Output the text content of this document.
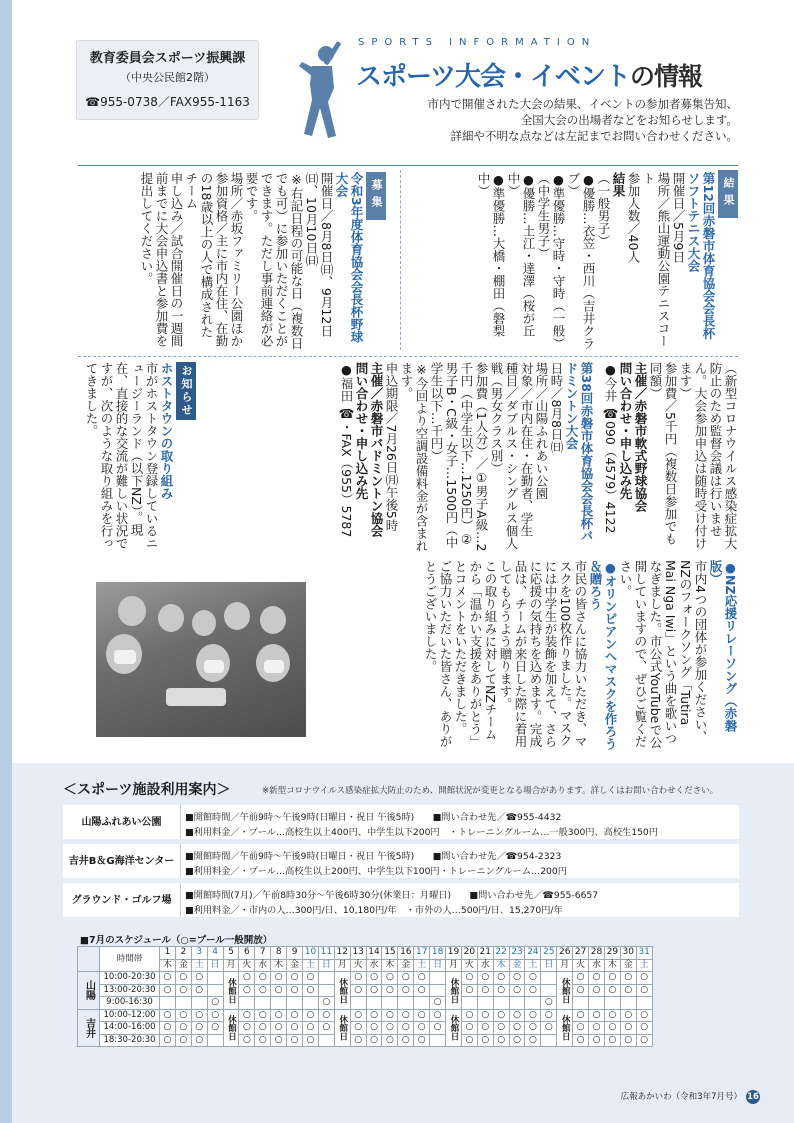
教育委員会スポーツ振興課
（中央公民館2階）
☎955-0738／FAX955-1163
SPORTS INFORMATION
スポーツ大会・イベントの情報
市内で開催された大会の結果、イベントの参加者募集告知、
全国大会の出場者などをお知らせします。
詳細や不明な点などは左記までお問い合わせください。
結果
第12回赤磐市体育協会会長杯ソフトテニス大会
開催日／5月9日
場所／熊山運動公園テニスコート
参加人数／40人
結果
（一般男子）
●優勝…衣笠・西川（吉井クラブ）
●準優勝…守時・守時（一般）
（中学生男子）
●優勝…土江・達澤（桜が丘中）
●準優勝…大橋・棚田（磐梨中）
募集
令和3年度体育協会会長杯野球大会
開催日／8月8日㈰、9月12日㈰、10月10日㈰
※右記日程の可能な日（複数日でも可）に参加いただくことができます。ただし事前連絡が必要です。
場所／赤坂ファミリー公園ほか
参加資格／主に市内在住、在勤の18歳以上の人で構成されたチーム
申し込み／試合開催日の一週間前までに大会申込書と参加費を提出してください。
（新型コロナウイルス感染症拡大防止のため監督会議は行いません。大会参加申込は随時受け付けます）
参加費／5千円（複数日参加でも同額）
主催／赤磐市軟式野球協会
問い合わせ・申し込み先
●今井 ☎090（4579）4122
第38回赤磐市体育協会会長杯バドミントン大会
日時／8月8日㈰
場所／山陽ふれあい公園
対象／市内在住・在勤者、学生
種目／ダブルス・シングルス個人戦（男女クラス別）
参加費（1人分）／①男子A級…2千円（中学生以下…1250円）②男子B・C級・女子…1500円（中学生以下…千円）
※今回より空調設備料金が含まれます。
申込期限／7月26日㈪午後5時
主催／赤磐市バドミントン協会
問い合わせ・申し込み先
●福田 ☎・FAX（955）5787
お知らせ
ホストタウンの取り組み
市がホストタウン登録しているニュージーランド（以下NZ）。現在、直接的な交流が難しい状況ですが、次のような取り組みを行ってきました。
●NZ応援リレーソング（赤磐版）
市内4つの団体が参加ください、NZのフォークソング「Tutira Mai Nga Iwi」という曲を歌いつなぎました。市公式YouTubeで公開していますので、ぜひご覧ください。
●オリンピアンへマスクを作ろう＆贈ろう
市民の皆さんに協力いただき、マスクを100枚作りました。マスクには中学生が装飾を加えて、さらに応援の気持ちを込めます。完成品は、チームが来日した際に着用してもらうよう贈ります。
この取り組みに対してNZチームから「温かい支援をありがとう」とコメントをいただきました。
ご協力いただいた皆さん、ありがとうございました。
＜スポーツ施設利用案内＞	※新型コロナウイルス感染症拡大防止のため、開館状況が変更となる場合があります。詳しくはお問い合わせください。
山陽ふれあい公園	■開館時間／午前9時～午後9時(日曜日・祝日 午後5時)　　■問い合わせ先／☎955-4432
■利用料金／・プール…高校生以上400円、中学生以下200円　・トレーニングルーム…一般300円、高校生150円
吉井B＆G海洋センター	■開館時間／午前9時～午後9時(日曜日・祝日 午後5時)　　■問い合わせ先／☎954-2323
■利用料金／・プール…高校生以上200円、中学生以下100円・トレーニングルーム…200円
グラウンド・ゴルフ場	■開館時間(7月)／午前8時30分～午後6時30分(休業日：月曜日)　　■問い合わせ先／☎955-6657
■利用料金／・市内の人…300円/日、10,180円/年　・市外の人…500円/日、15,270円/年
■7月のスケジュール（○=プール一般開放）
	時間帯	1	2	3	4	5	6	7	8	9	10	11	12	13	14	15	16	17	18	19	20	21	22	23	24	25	26	27	28	29	30	31
		木	金	土	日	月	火	水	木	金	土	日	月	火	水	木	金	土	日	月	火	水	木	金	土	日	月	火	水	木	金	土
山陽	10:00-20:30	○	○	○		休館日	○	○	○	○	○		休館日	○	○	○	○	○		休館日	○	○	○	○	○		休館日	○	○	○	○	○
	13:00-20:30	○	○	○			○	○	○	○	○			○	○	○	○	○			○	○	○	○	○			○	○	○	○	○
	9:00-16:30				○							○							○							○						
吉井	10:00-12:00	○	○	○	○	休館日	○	○	○	○	○	○	休館日	○	○	○	○	○	○	休館日	○	○	○	○	○	○	休館日	○	○	○	○	○
	14:00-16:00	○	○	○	○		○	○	○	○	○	○		○	○	○	○	○	○		○	○	○	○	○	○		○	○	○	○	○
	18:30-20:30	○	○	○			○	○	○	○	○			○	○	○	○	○			○	○	○	○	○			○	○	○	○	○
広報あかいわ（令和3年7月号） 16
